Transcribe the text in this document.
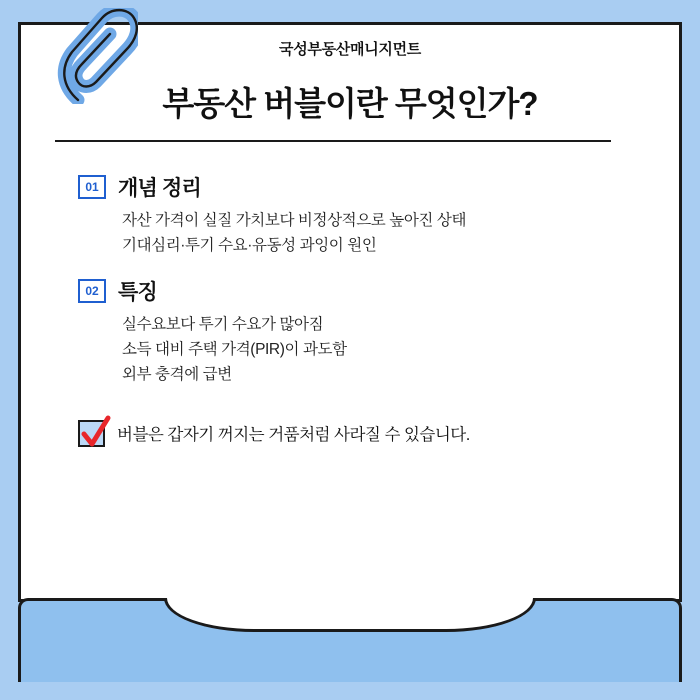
부동산 버블이란 무엇인가?
01 개념 정리
자산 가격이 실질 가치보다 비정상적으로 높아진 상태
기대심리·투기 수요·유동성 과잉이 원인
02 특징
실수요보다 투기 수요가 많아짐
소득 대비 주택 가격(PIR)이 과도함
외부 충격에 급변
버블은 갑자기 꺼지는 거품처럼 사라질 수 있습니다.
국성부동산매니지먼트
